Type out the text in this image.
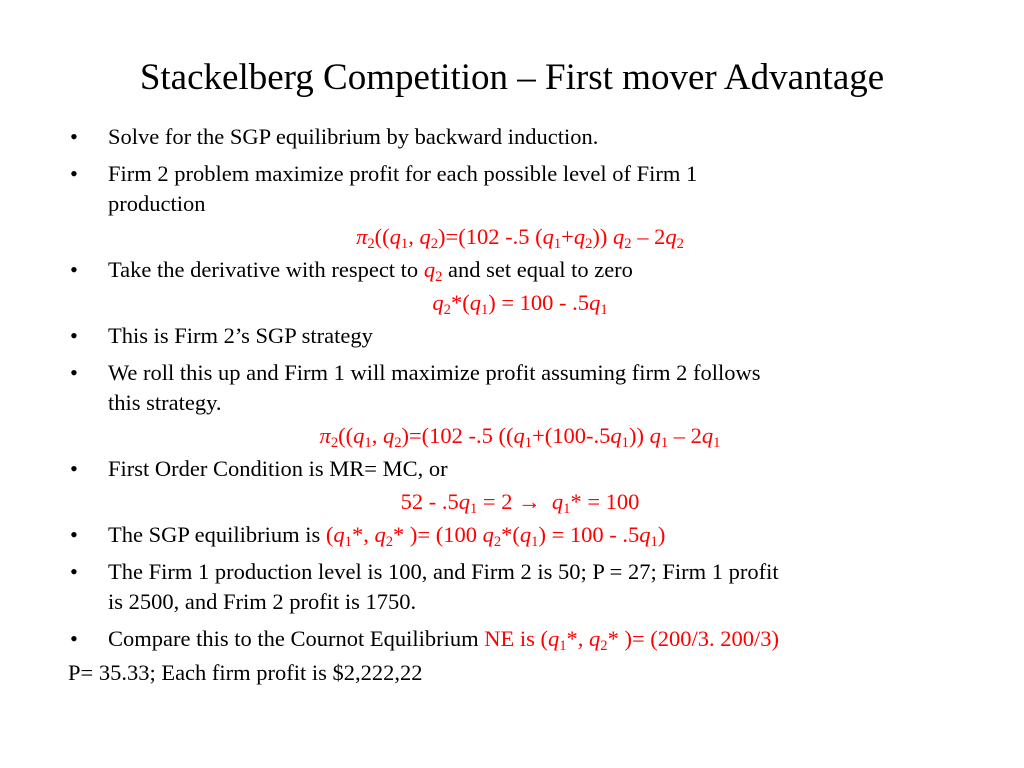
Stackelberg Competition – First mover Advantage
• Solve for the SGP equilibrium by backward induction.
• Firm 2 problem maximize profit for each possible level of Firm 1
production
$\pi_2((q_1$, $q_2)=(102$ -.5 $(q_1+q_2)$) $q_2 - 2q_2$
• Take the derivative with respect to $q_2$ and set equal to zero
$q_2*(q_1) = 100 - .5q_1$
• This is Firm 2’s SGP strategy
• We roll this up and Firm 1 will maximize profit assuming firm 2 follows
this strategy.
$\pi_2((q_1$, $q_2)=(102$ -.5 ($(q_1+(100-.5q_1))$ $q_1 - 2q_1$
• First Order Condition is MR= MC, or
$52 - .5q_1 = 2 \to q_1* = 100$
• The SGP equilibrium is ($q_1*$, $q_2*$ )= (100 $q_2*(q_1) = 100 - .5q_1$)
• The Firm 1 production level is 100, and Firm 2 is 50; P = 27; Firm 1 profit
is 2500, and Frim 2 profit is 1750.
• Compare this to the Cournot Equilibrium NE is ($q_1*$, $q_2*$ )= (200/3. 200/3)
P= 35.33; Each firm profit is $2,222,22
